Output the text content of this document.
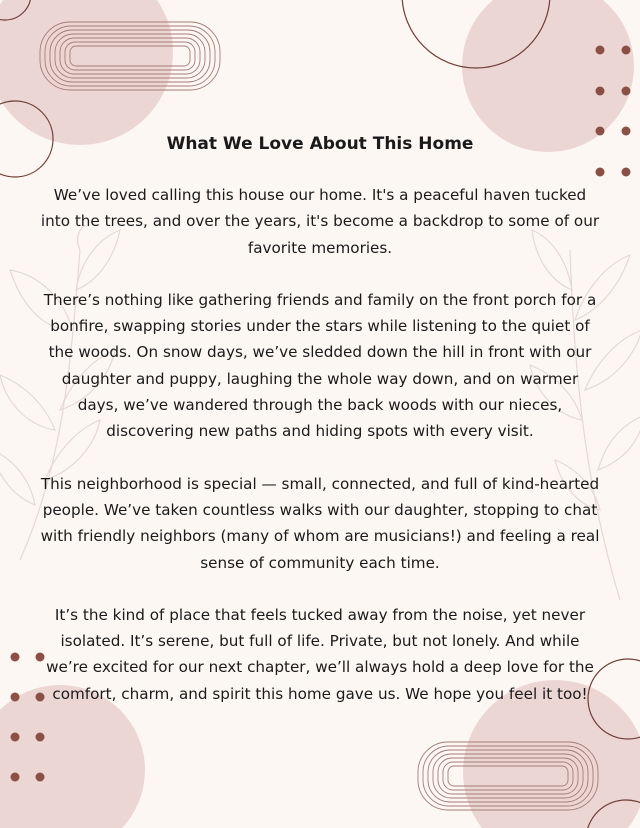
What We Love About This Home

We’ve loved calling this house our home. It's a peaceful haven tucked into the trees, and over the years, it's become a backdrop to some of our favorite memories.

There’s nothing like gathering friends and family on the front porch for a bonfire, swapping stories under the stars while listening to the quiet of the woods. On snow days, we’ve sledded down the hill in front with our daughter and puppy, laughing the whole way down, and on warmer days, we’ve wandered through the back woods with our nieces, discovering new paths and hiding spots with every visit.

This neighborhood is special — small, connected, and full of kind-hearted people. We’ve taken countless walks with our daughter, stopping to chat with friendly neighbors (many of whom are musicians!) and feeling a real sense of community each time.

It’s the kind of place that feels tucked away from the noise, yet never isolated. It’s serene, but full of life. Private, but not lonely. And while we’re excited for our next chapter, we’ll always hold a deep love for the comfort, charm, and spirit this home gave us. We hope you feel it too!
